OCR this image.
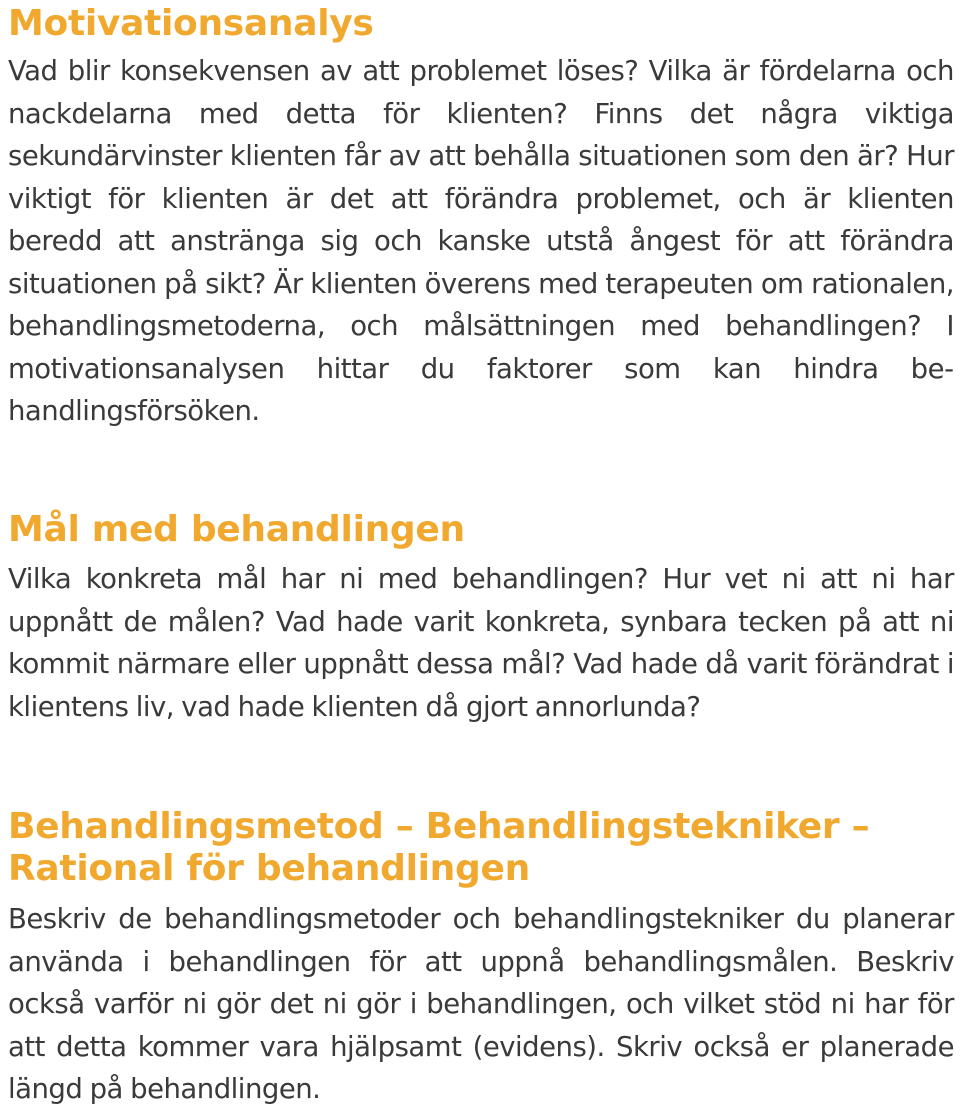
Motivationsanalys

Vad blir konsekvensen av att problemet löses? Vilka är fördelarna och nackdelarna med detta för klienten? Finns det några viktiga sekundärvinster klienten får av att behålla situationen som den är? Hur viktigt för klienten är det att förändra problemet, och är klienten beredd att anstränga sig och kanske utstå ångest för att förändra situationen på sikt? Är klienten överens med terapeuten om rationalen, behandlingsmetoderna, och målsättningen med behandlingen? I motivationsanalysen hittar du faktorer som kan hindra behandlingsförsöken.

Mål med behandlingen

Vilka konkreta mål har ni med behandlingen? Hur vet ni att ni har uppnått de målen? Vad hade varit konkreta, synbara tecken på att ni kommit närmare eller uppnått dessa mål? Vad hade då varit förändrat i klientens liv, vad hade klienten då gjort annorlunda?

Behandlingsmetod – Behandlingstekniker – Rational för behandlingen

Beskriv de behandlingsmetoder och behandlingstekniker du planerar använda i behandlingen för att uppnå behandlingsmålen. Beskriv också varför ni gör det ni gör i behandlingen, och vilket stöd ni har för att detta kommer vara hjälpsamt (evidens). Skriv också er planerade längd på behandlingen.
